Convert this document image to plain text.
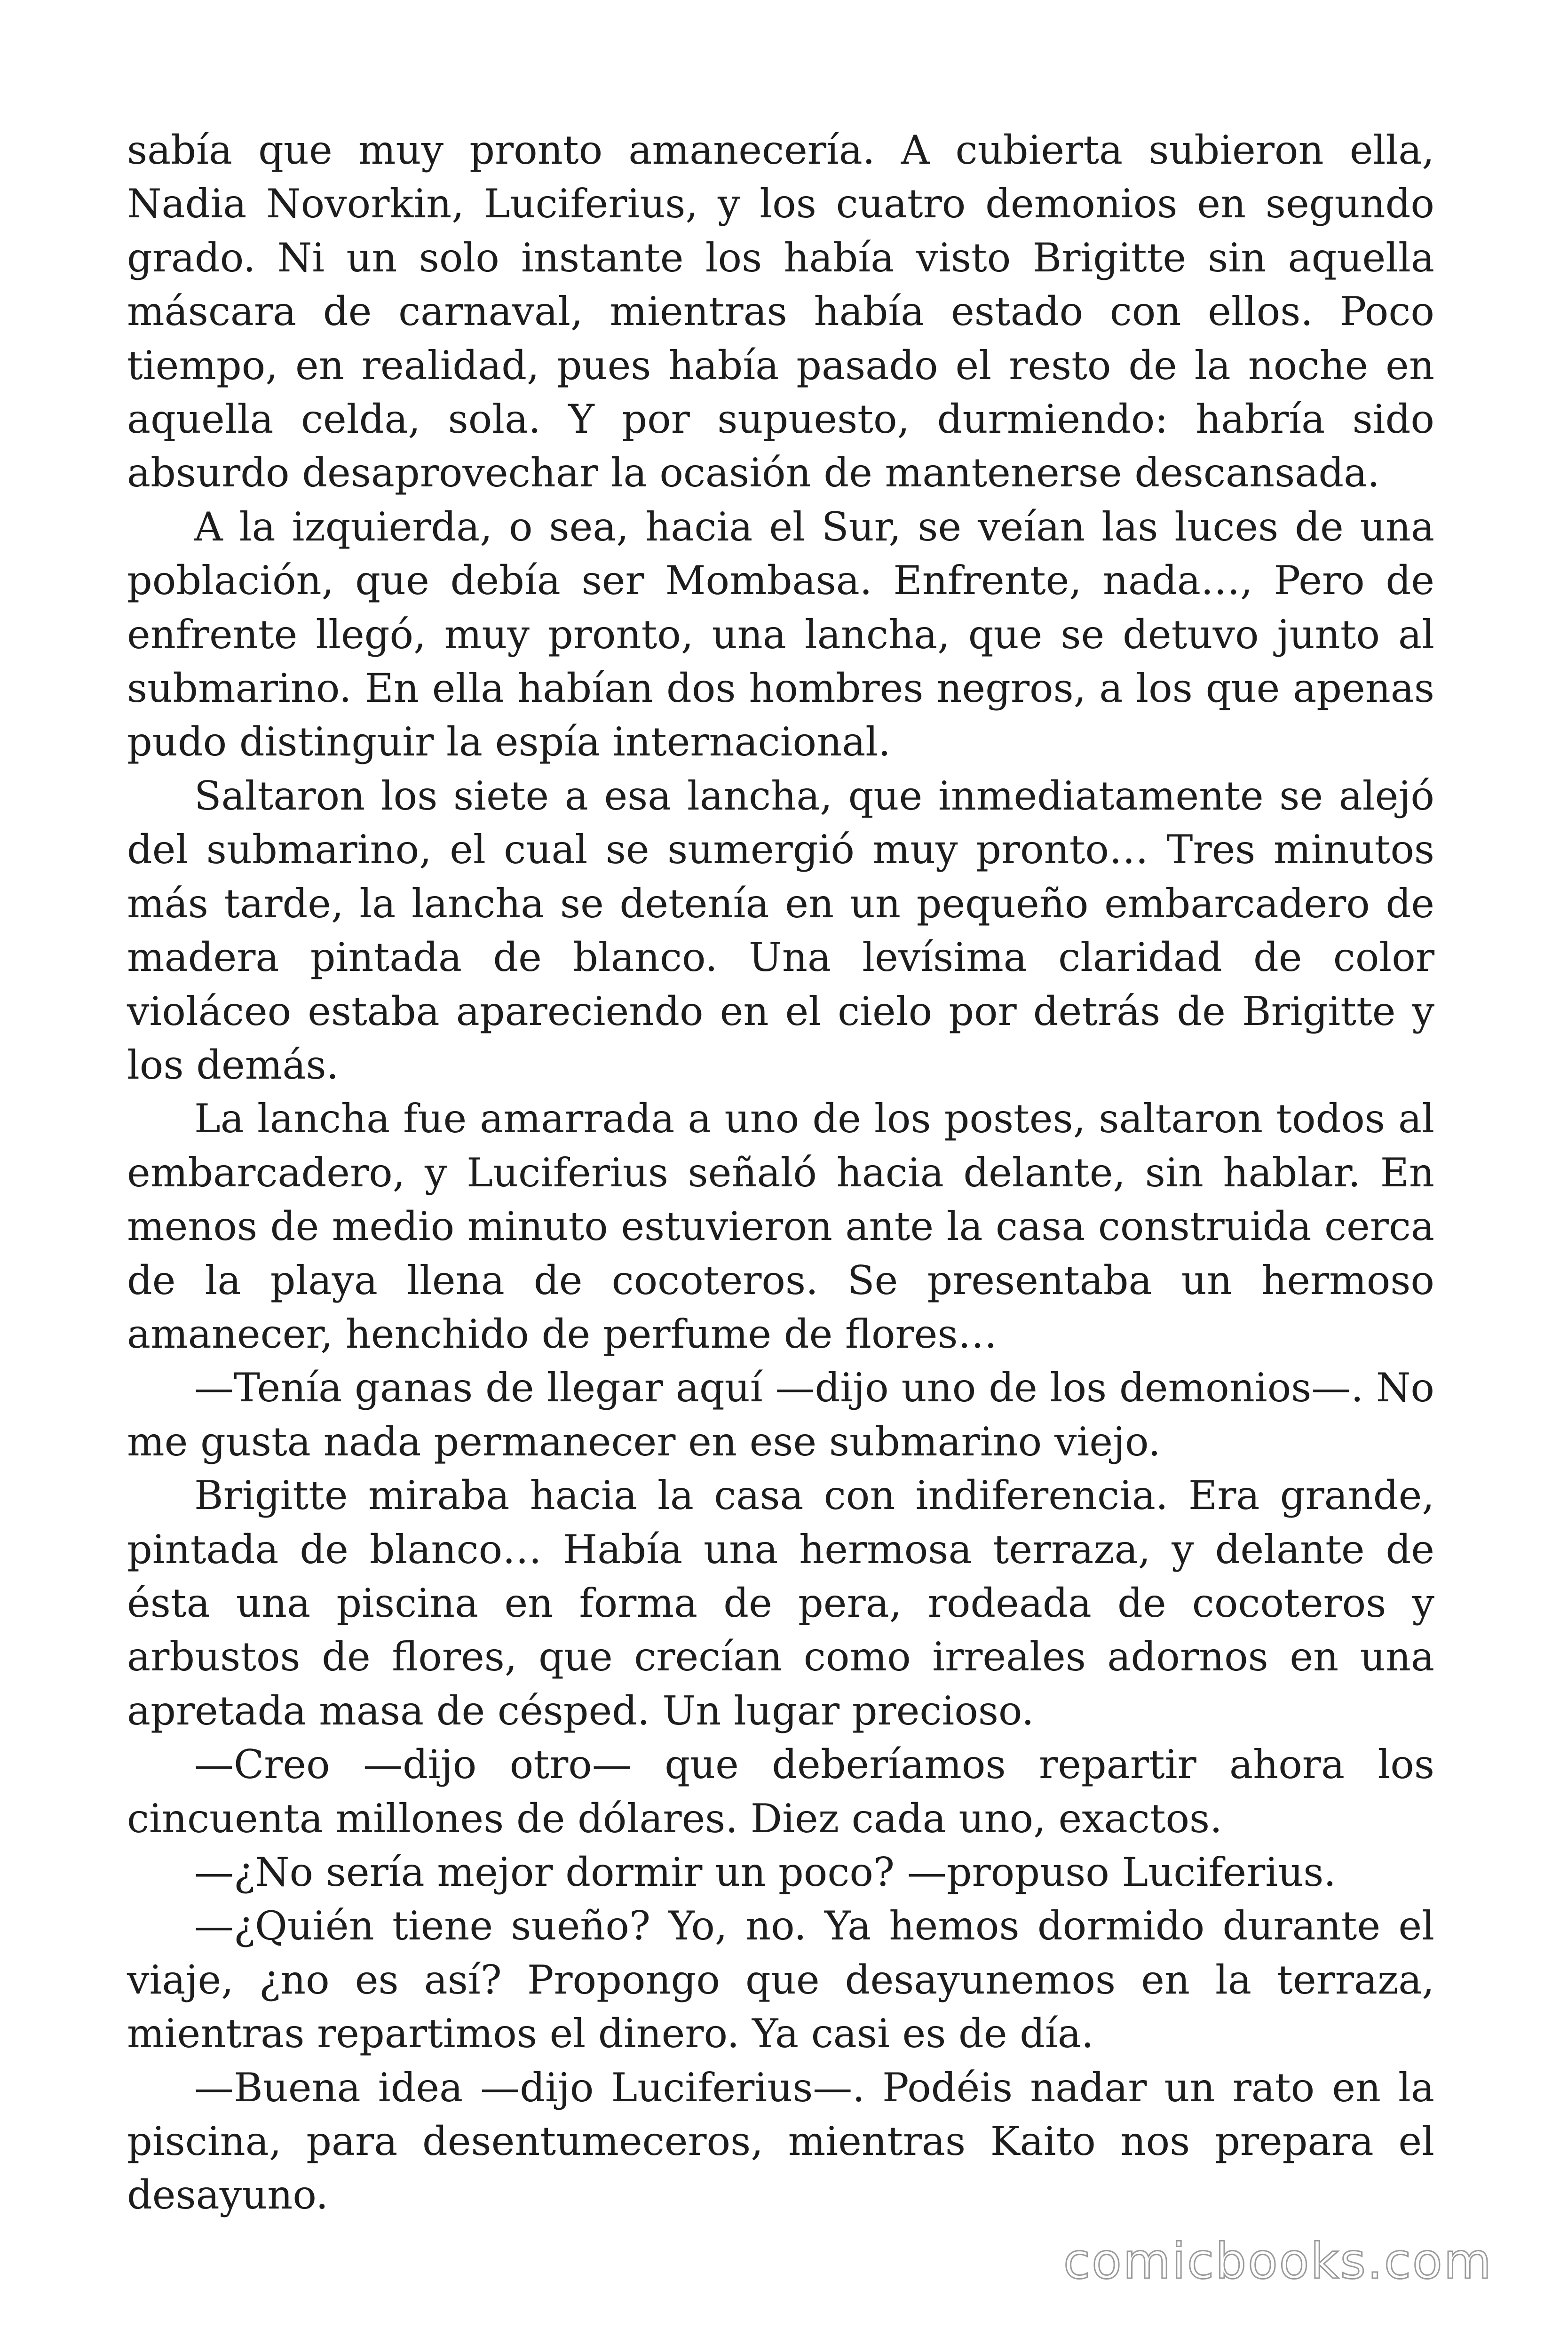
sabía que muy pronto amanecería. A cubierta subieron ella, Nadia Novorkin, Luciferius, y los cuatro demonios en segundo grado. Ni un solo instante los había visto Brigitte sin aquella máscara de carnaval, mientras había estado con ellos. Poco tiempo, en realidad, pues había pasado el resto de la noche en aquella celda, sola. Y por supuesto, durmiendo: habría sido absurdo desaprovechar la ocasión de mantenerse descansada.

A la izquierda, o sea, hacia el Sur, se veían las luces de una población, que debía ser Mombasa. Enfrente, nada…, Pero de enfrente llegó, muy pronto, una lancha, que se detuvo junto al submarino. En ella habían dos hombres negros, a los que apenas pudo distinguir la espía internacional.

Saltaron los siete a esa lancha, que inmediatamente se alejó del submarino, el cual se sumergió muy pronto… Tres minutos más tarde, la lancha se detenía en un pequeño embarcadero de madera pintada de blanco. Una levísima claridad de color violáceo estaba apareciendo en el cielo por detrás de Brigitte y los demás.

La lancha fue amarrada a uno de los postes, saltaron todos al embarcadero, y Luciferius señaló hacia delante, sin hablar. En menos de medio minuto estuvieron ante la casa construida cerca de la playa llena de cocoteros. Se presentaba un hermoso amanecer, henchido de perfume de flores…

—Tenía ganas de llegar aquí —dijo uno de los demonios—. No me gusta nada permanecer en ese submarino viejo.

Brigitte miraba hacia la casa con indiferencia. Era grande, pintada de blanco… Había una hermosa terraza, y delante de ésta una piscina en forma de pera, rodeada de cocoteros y arbustos de flores, que crecían como irreales adornos en una apretada masa de césped. Un lugar precioso.

—Creo —dijo otro— que deberíamos repartir ahora los cincuenta millones de dólares. Diez cada uno, exactos.

—¿No sería mejor dormir un poco? —propuso Luciferius.

—¿Quién tiene sueño? Yo, no. Ya hemos dormido durante el viaje, ¿no es así? Propongo que desayunemos en la terraza, mientras repartimos el dinero. Ya casi es de día.

—Buena idea —dijo Luciferius—. Podéis nadar un rato en la piscina, para desentumeceros, mientras Kaito nos prepara el desayuno.

comicbooks.com
